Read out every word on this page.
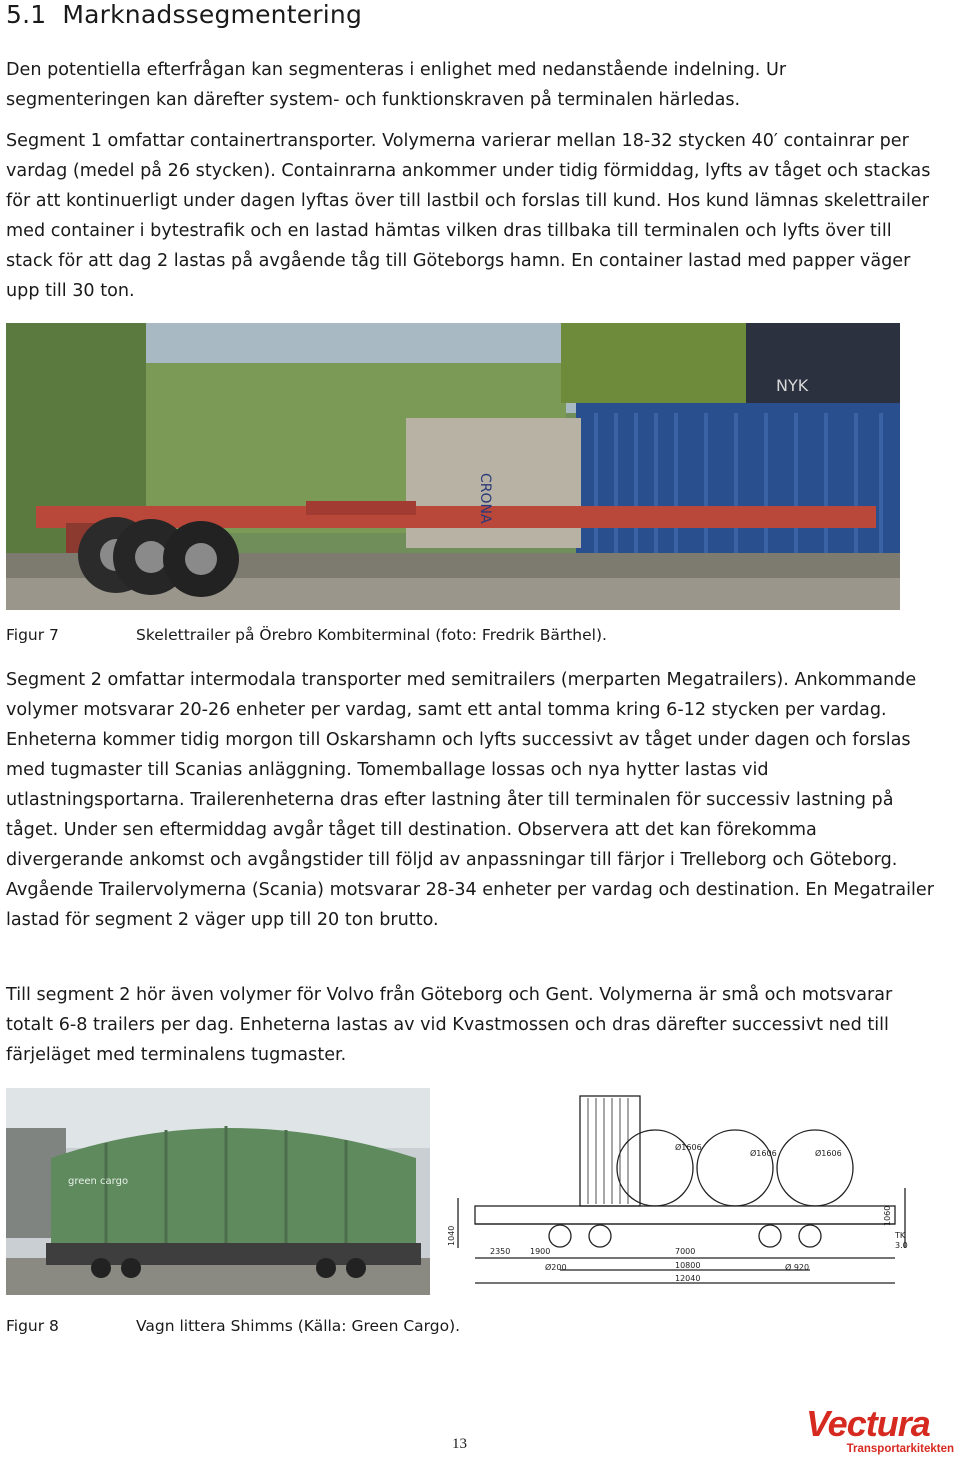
5.1 Marknadssegmentering

Den potentiella efterfrågan kan segmenteras i enlighet med nedanstående indelning. Ur segmenteringen kan därefter system- och funktionskraven på terminalen härledas.

Segment 1 omfattar containertransporter. Volymerna varierar mellan 18-32 stycken 40′ containrar per vardag (medel på 26 stycken). Containrarna ankommer under tidig förmiddag, lyfts av tåget och stackas för att kontinuerligt under dagen lyftas över till lastbil och forslas till kund. Hos kund lämnas skelettrailer med container i bytestrafik och en lastad hämtas vilken dras tillbaka till terminalen och lyfts över till stack för att dag 2 lastas på avgående tåg till Göteborgs hamn. En container lastad med papper väger upp till 30 ton.

CRONA
NYK
Figur 7	Skelettrailer på Örebro Kombiterminal (foto: Fredrik Bärthel).

Segment 2 omfattar intermodala transporter med semitrailers (merparten Megatrailers). Ankommande volymer motsvarar 20-26 enheter per vardag, samt ett antal tomma kring 6-12 stycken per vardag. Enheterna kommer tidig morgon till Oskarshamn och lyfts successivt av tåget under dagen och forslas med tugmaster till Scanias anläggning. Tomemballage lossas och nya hytter lastas vid utlastningsportarna. Trailerenheterna dras efter lastning åter till terminalen för successiv lastning på tåget. Under sen eftermiddag avgår tåget till destination. Observera att det kan förekomma divergerande ankomst och avgångstider till följd av anpassningar till färjor i Trelleborg och Göteborg. Avgående Trailervolymerna (Scania) motsvarar 28-34 enheter per vardag och destination. En Megatrailer lastad för segment 2 väger upp till 20 ton brutto.

Till segment 2 hör även volymer för Volvo från Göteborg och Gent. Volymerna är små och motsvarar totalt 6-8 trailers per dag. Enheterna lastas av vid Kvastmossen och dras därefter successivt ned till färjeläget med terminalens tugmaster.

green cargo
Ø1606
Ø1606	Ø1606
2350 1900	7000
10800
12040
Ø200	Ø 920
TK
3.0
1040
1060
Figur 8	Vagn littera Shimms (Källa: Green Cargo).
13	Vectura
Transportarkitekten
